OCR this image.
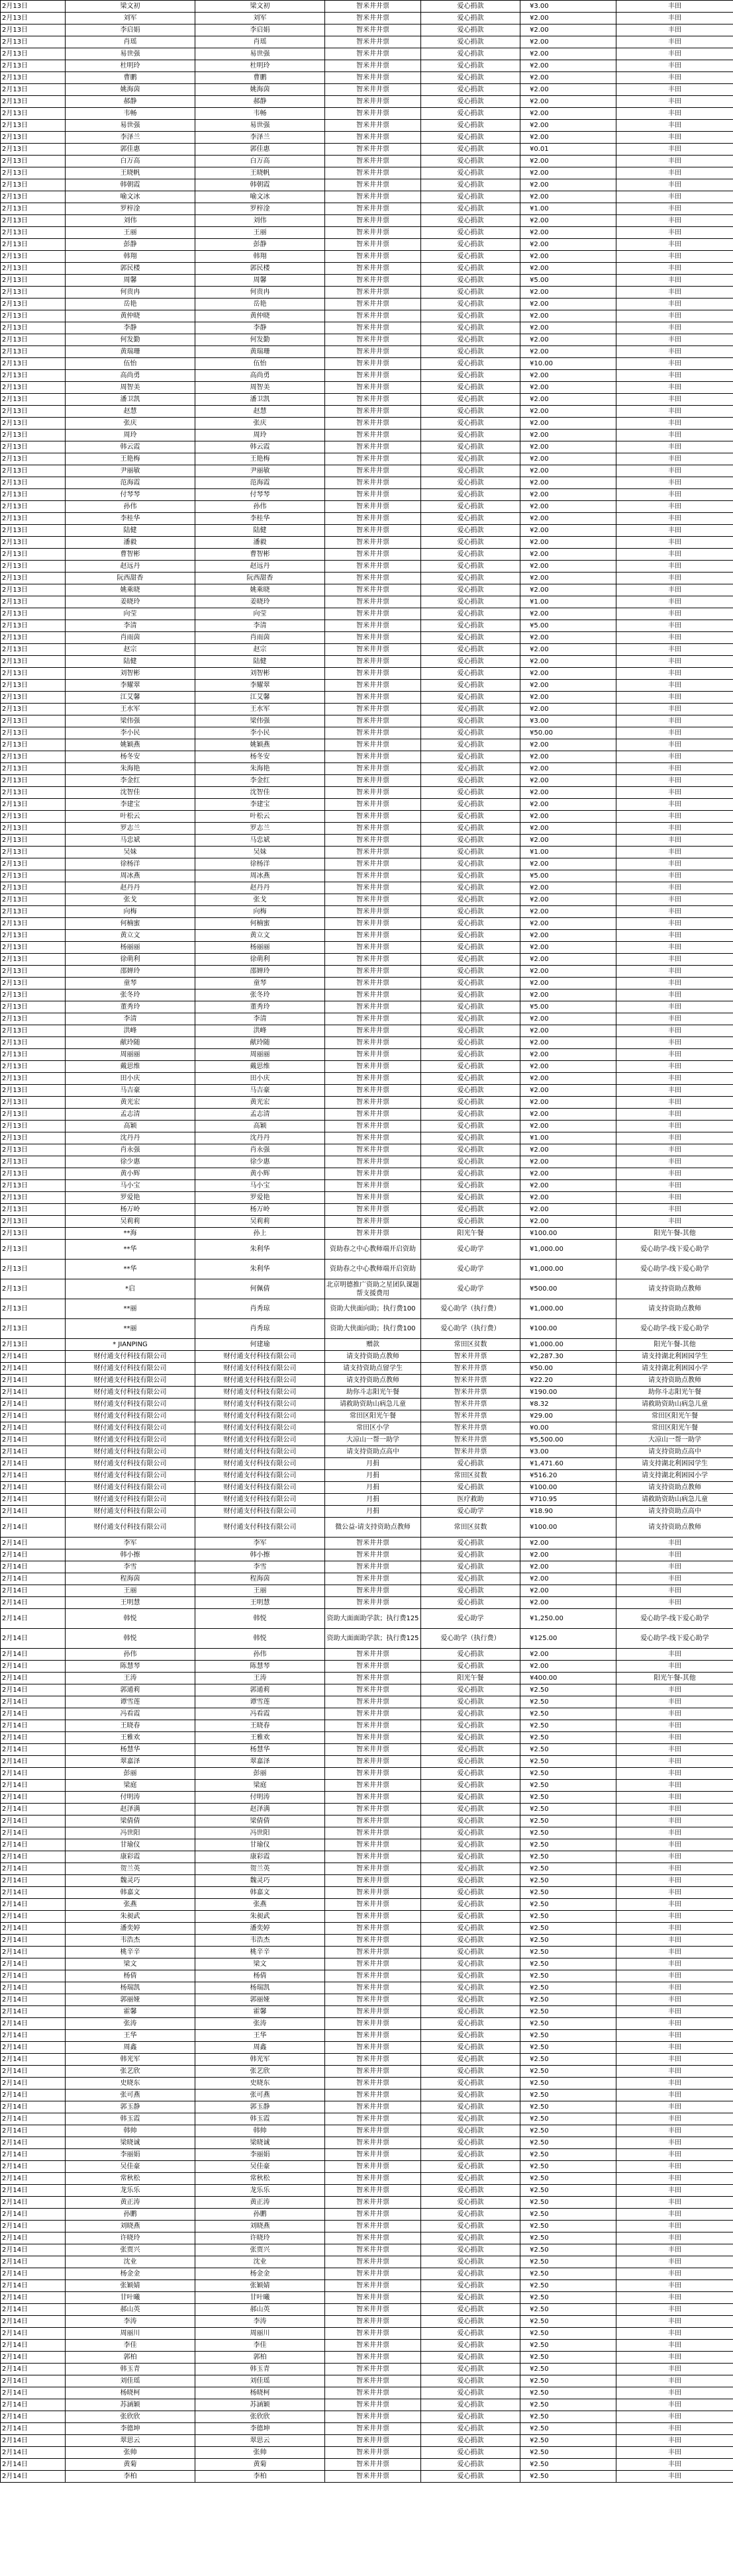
2月13日	梁文初	梁文初	智米井井票	爱心捐款	¥3.00	丰田
2月13日	刘军	刘军	智米井井票	爱心捐款	¥2.00	丰田
2月13日	李启娟	李启娟	智米井井票	爱心捐款	¥2.00	丰田
2月13日	肖瑶	肖瑶	智米井井票	爱心捐款	¥2.00	丰田
2月13日	易世强	易世强	智米井井票	爱心捐款	¥2.00	丰田
2月13日	杜明玲	杜明玲	智米井井票	爱心捐款	¥2.00	丰田
2月13日	曹鹏	曹鹏	智米井井票	爱心捐款	¥2.00	丰田
2月13日	姚海茵	姚海茵	智米井井票	爱心捐款	¥2.00	丰田
2月13日	郝静	郝静	智米井井票	爱心捐款	¥2.00	丰田
2月13日	韦畅	韦畅	智米井井票	爱心捐款	¥2.00	丰田
2月13日	易世强	易世强	智米井井票	爱心捐款	¥2.00	丰田
2月13日	李泽兰	李泽兰	智米井井票	爱心捐款	¥2.00	丰田
2月13日	郭佳惠	郭佳惠	智米井井票	爱心捐款	¥0.01	丰田
2月13日	白万高	白万高	智米井井票	爱心捐款	¥2.00	丰田
2月13日	王晓帆	王晓帆	智米井井票	爱心捐款	¥2.00	丰田
2月13日	韩朝霞	韩朝霞	智米井井票	爱心捐款	¥2.00	丰田
2月13日	喻文冰	喻文冰	智米井井票	爱心捐款	¥2.00	丰田
2月13日	罗梓淦	罗梓淦	智米井井票	爱心捐款	¥1.00	丰田
2月13日	刘伟	刘伟	智米井井票	爱心捐款	¥2.00	丰田
2月13日	王丽	王丽	智米井井票	爱心捐款	¥2.00	丰田
2月13日	彭静	彭静	智米井井票	爱心捐款	¥2.00	丰田
2月13日	韩翔	韩翔	智米井井票	爱心捐款	¥2.00	丰田
2月13日	郭民楼	郭民楼	智米井井票	爱心捐款	¥2.00	丰田
2月13日	周馨	周馨	智米井井票	爱心捐款	¥5.00	丰田
2月13日	何贵冉	何贵冉	智米井井票	爱心捐款	¥2.00	丰田
2月13日	岳艳	岳艳	智米井井票	爱心捐款	¥2.00	丰田
2月13日	黄仲晓	黄仲晓	智米井井票	爱心捐款	¥2.00	丰田
2月13日	李静	李静	智米井井票	爱心捐款	¥2.00	丰田
2月13日	何发勤	何发勤	智米井井票	爱心捐款	¥2.00	丰田
2月13日	黄瑞珊	黄瑞珊	智米井井票	爱心捐款	¥2.00	丰田
2月13日	伍怡	伍怡	智米井井票	爱心捐款	¥10.00	丰田
2月13日	高尚勇	高尚勇	智米井井票	爱心捐款	¥2.00	丰田
2月13日	周智美	周智美	智米井井票	爱心捐款	¥2.00	丰田
2月13日	潘卫凯	潘卫凯	智米井井票	爱心捐款	¥2.00	丰田
2月13日	赵慧	赵慧	智米井井票	爱心捐款	¥2.00	丰田
2月13日	张庆	张庆	智米井井票	爱心捐款	¥2.00	丰田
2月13日	周玲	周玲	智米井井票	爱心捐款	¥2.00	丰田
2月13日	韩云霞	韩云霞	智米井井票	爱心捐款	¥2.00	丰田
2月13日	王艳梅	王艳梅	智米井井票	爱心捐款	¥2.00	丰田
2月13日	尹丽敏	尹丽敏	智米井井票	爱心捐款	¥2.00	丰田
2月13日	范海霞	范海霞	智米井井票	爱心捐款	¥2.00	丰田
2月13日	付琴琴	付琴琴	智米井井票	爱心捐款	¥2.00	丰田
2月13日	孙伟	孙伟	智米井井票	爱心捐款	¥2.00	丰田
2月13日	李桂华	李桂华	智米井井票	爱心捐款	¥2.00	丰田
2月13日	陆健	陆健	智米井井票	爱心捐款	¥2.00	丰田
2月13日	潘毅	潘毅	智米井井票	爱心捐款	¥2.00	丰田
2月13日	曹智彬	曹智彬	智米井井票	爱心捐款	¥2.00	丰田
2月13日	赵远丹	赵远丹	智米井井票	爱心捐款	¥2.00	丰田
2月13日	阮西甜香	阮西甜香	智米井井票	爱心捐款	¥2.00	丰田
2月13日	姚乘晓	姚乘晓	智米井井票	爱心捐款	¥2.00	丰田
2月13日	姜晓玲	姜晓玲	智米井井票	爱心捐款	¥1.00	丰田
2月13日	向莹	向莹	智米井井票	爱心捐款	¥2.00	丰田
2月13日	李清	李清	智米井井票	爱心捐款	¥5.00	丰田
2月13日	肖雨茵	肖雨茵	智米井井票	爱心捐款	¥2.00	丰田
2月13日	赵宗	赵宗	智米井井票	爱心捐款	¥2.00	丰田
2月13日	陆健	陆健	智米井井票	爱心捐款	¥2.00	丰田
2月13日	刘智彬	刘智彬	智米井井票	爱心捐款	¥2.00	丰田
2月13日	李耀翠	李耀翠	智米井井票	爱心捐款	¥2.00	丰田
2月13日	江艾馨	江艾馨	智米井井票	爱心捐款	¥2.00	丰田
2月13日	王水军	王水军	智米井井票	爱心捐款	¥2.00	丰田
2月13日	梁伟强	梁伟强	智米井井票	爱心捐款	¥3.00	丰田
2月13日	李小民	李小民	智米井井票	爱心捐款	¥50.00	丰田
2月13日	姚颖燕	姚颖燕	智米井井票	爱心捐款	¥2.00	丰田
2月13日	杨冬安	杨冬安	智米井井票	爱心捐款	¥2.00	丰田
2月13日	朱海艳	朱海艳	智米井井票	爱心捐款	¥2.00	丰田
2月13日	李金红	李金红	智米井井票	爱心捐款	¥2.00	丰田
2月13日	沈智佳	沈智佳	智米井井票	爱心捐款	¥2.00	丰田
2月13日	李建宝	李建宝	智米井井票	爱心捐款	¥2.00	丰田
2月13日	叶松云	叶松云	智米井井票	爱心捐款	¥2.00	丰田
2月13日	罗志兰	罗志兰	智米井井票	爱心捐款	¥2.00	丰田
2月13日	马忠斌	马忠斌	智米井井票	爱心捐款	¥2.00	丰田
2月13日	吴妹	吴妹	智米井井票	爱心捐款	¥1.00	丰田
2月13日	徐杨洋	徐杨洋	智米井井票	爱心捐款	¥2.00	丰田
2月13日	周冰燕	周冰燕	智米井井票	爱心捐款	¥5.00	丰田
2月13日	赵丹丹	赵丹丹	智米井井票	爱心捐款	¥2.00	丰田
2月13日	张戈	张戈	智米井井票	爱心捐款	¥2.00	丰田
2月13日	向梅	向梅	智米井井票	爱心捐款	¥2.00	丰田
2月13日	何楠蜜	何楠蜜	智米井井票	爱心捐款	¥2.00	丰田
2月13日	黄立文	黄立文	智米井井票	爱心捐款	¥2.00	丰田
2月13日	杨丽丽	杨丽丽	智米井井票	爱心捐款	¥2.00	丰田
2月13日	徐萌利	徐萌利	智米井井票	爱心捐款	¥2.00	丰田
2月13日	邵婵玲	邵婵玲	智米井井票	爱心捐款	¥2.00	丰田
2月13日	童琴	童琴	智米井井票	爱心捐款	¥2.00	丰田
2月13日	张冬玲	张冬玲	智米井井票	爱心捐款	¥2.00	丰田
2月13日	董秀玲	董秀玲	智米井井票	爱心捐款	¥5.00	丰田
2月13日	李清	李清	智米井井票	爱心捐款	¥2.00	丰田
2月13日	洪峰	洪峰	智米井井票	爱心捐款	¥2.00	丰田
2月13日	献玲随	献玲随	智米井井票	爱心捐款	¥2.00	丰田
2月13日	周丽丽	周丽丽	智米井井票	爱心捐款	¥2.00	丰田
2月13日	戴思维	戴思维	智米井井票	爱心捐款	¥2.00	丰田
2月13日	田小庆	田小庆	智米井井票	爱心捐款	¥2.00	丰田
2月13日	马吉豪	马吉豪	智米井井票	爱心捐款	¥2.00	丰田
2月13日	黄光宏	黄光宏	智米井井票	爱心捐款	¥2.00	丰田
2月13日	孟志清	孟志清	智米井井票	爱心捐款	¥2.00	丰田
2月13日	高颖	高颖	智米井井票	爱心捐款	¥2.00	丰田
2月13日	沈丹丹	沈丹丹	智米井井票	爱心捐款	¥1.00	丰田
2月13日	肖永强	肖永强	智米井井票	爱心捐款	¥2.00	丰田
2月13日	徐少惠	徐少惠	智米井井票	爱心捐款	¥2.00	丰田
2月13日	黄小辉	黄小辉	智米井井票	爱心捐款	¥2.00	丰田
2月13日	马小宝	马小宝	智米井井票	爱心捐款	¥2.00	丰田
2月13日	罗爱艳	罗爱艳	智米井井票	爱心捐款	¥2.00	丰田
2月13日	杨万岭	杨万岭	智米井井票	爱心捐款	¥2.00	丰田
2月13日	吴莉莉	吴莉莉	智米井井票	爱心捐款	¥2.00	丰田
2月13日	**海	孙上	智米井井票	阳光午餐	¥100.00	阳光午餐-其他
2月13日	**华	朱利华	资助春之中心教师端开启资助	爱心助学	¥1,000.00	爱心助学-线下爱心助学
2月13日	**华	朱利华	资助春之中心教师端开启资助	爱心助学	¥1,000.00	爱心助学-线下爱心助学
2月13日	*启	何佩倩	北京明德推广资助之星团队课题帮支援费用	爱心助学	¥500.00	请支持资助点教师
2月13日	**丽	肖秀琼	资助大侠面向助；执行费100	爱心助学（执行费）	¥1,000.00	请支持资助点教师
2月13日	**丽	肖秀琼	资助大侠面向助；执行费100	爱心助学（执行费）	¥100.00	爱心助学-线下爱心助学
2月13日	* JIANPING	何建瑜	赠款	常田区贫数	¥1,000.00	阳光午餐-其他
2月14日	财付通支付科技有限公司	财付通支付科技有限公司	请支持资助点教师	智米井井票	¥2,287.30	请支持湖北利困园学生
2月14日	财付通支付科技有限公司	财付通支付科技有限公司	请支持资助点留学生	智米井井票	¥50.00	请支持湖北利困园小学
2月14日	财付通支付科技有限公司	财付通支付科技有限公司	请支持资助点教师	智米井井票	¥22.20	请支持资助点教师
2月14日	财付通支付科技有限公司	财付通支付科技有限公司	助你斗志阳光午餐	智米井井票	¥190.00	助你斗志阳光午餐
2月14日	财付通支付科技有限公司	财付通支付科技有限公司	请救助资助山病急儿童	智米井井票	¥8.32	请救助资助山病急儿童
2月14日	财付通支付科技有限公司	财付通支付科技有限公司	常田区阳光午餐	智米井井票	¥29.00	常田区阳光午餐
2月14日	财付通支付科技有限公司	财付通支付科技有限公司	常田区小学	智米井井票	¥0.00	常田区阳光午餐
2月14日	财付通支付科技有限公司	财付通支付科技有限公司	大凉山一帮一助学	智米井井票	¥5,500.00	大凉山一帮一助学
2月14日	财付通支付科技有限公司	财付通支付科技有限公司	请支持资助点高中	智米井井票	¥3.00	请支持资助点高中
2月14日	财付通支付科技有限公司	财付通支付科技有限公司	月捐	爱心捐款	¥1,471.60	请支持湖北利困园学生
2月14日	财付通支付科技有限公司	财付通支付科技有限公司	月捐	常田区贫数	¥516.20	请支持湖北利困园小学
2月14日	财付通支付科技有限公司	财付通支付科技有限公司	月捐	爱心捐款	¥100.00	请支持资助点教师
2月14日	财付通支付科技有限公司	财付通支付科技有限公司	月捐	医疗救助	¥710.95	请救助资助山病急儿童
2月14日	财付通支付科技有限公司	财付通支付科技有限公司	月捐	爱心助学	¥18.90	请支持资助点高中
2月14日	财付通支付科技有限公司	财付通支付科技有限公司	微公益-请支持资助点教师	常田区贫数	¥100.00	请支持资助点教师
2月14日	李军	李军	智米井井票	爱心捐款	¥2.00	丰田
2月14日	韩小擦	韩小擦	智米井井票	爱心捐款	¥2.00	丰田
2月14日	李雪	李雪	智米井井票	爱心捐款	¥2.00	丰田
2月14日	程海茵	程海茵	智米井井票	爱心捐款	¥2.00	丰田
2月14日	王丽	王丽	智米井井票	爱心捐款	¥2.00	丰田
2月14日	王明慧	王明慧	智米井井票	爱心捐款	¥2.00	丰田
2月14日	韩悦	韩悦	资助大面面助学款；执行费125	爱心助学	¥1,250.00	爱心助学-线下爱心助学
2月14日	韩悦	韩悦	资助大面面助学款；执行费125	爱心助学（执行费）	¥125.00	爱心助学-线下爱心助学
2月14日	孙伟	孙伟	智米井井票	爱心捐款	¥2.00	丰田
2月14日	陈慧琴	陈慧琴	智米井井票	爱心捐款	¥2.00	丰田
2月14日	王涛	王涛	智米井井票	阳光午餐	¥400.00	阳光午餐-其他
2月14日	郭通莉	郭通莉	智米井井票	爱心捐款	¥2.50	丰田
2月14日	谭雪莲	谭雪莲	智米井井票	爱心捐款	¥2.50	丰田
2月14日	冯看霞	冯看霞	智米井井票	爱心捐款	¥2.50	丰田
2月14日	王晓春	王晓春	智米井井票	爱心捐款	¥2.50	丰田
2月14日	王雅欢	王雅欢	智米井井票	爱心捐款	¥2.50	丰田
2月14日	杨慧华	杨慧华	智米井井票	爱心捐款	¥2.50	丰田
2月14日	翠嘉泽	翠嘉泽	智米井井票	爱心捐款	¥2.50	丰田
2月14日	彭丽	彭丽	智米井井票	爱心捐款	¥2.50	丰田
2月14日	梁庭	梁庭	智米井井票	爱心捐款	¥2.50	丰田
2月14日	付明涛	付明涛	智米井井票	爱心捐款	¥2.50	丰田
2月14日	赵泽满	赵泽满	智米井井票	爱心捐款	¥2.50	丰田
2月14日	梁倩倩	梁倩倩	智米井井票	爱心捐款	¥2.50	丰田
2月14日	冯世阳	冯世阳	智米井井票	爱心捐款	¥2.50	丰田
2月14日	甘瑜仪	甘瑜仪	智米井井票	爱心捐款	¥2.50	丰田
2月14日	康彩霞	康彩霞	智米井井票	爱心捐款	¥2.50	丰田
2月14日	贺兰英	贺兰英	智米井井票	爱心捐款	¥2.50	丰田
2月14日	魏灵巧	魏灵巧	智米井井票	爱心捐款	¥2.50	丰田
2月14日	韩嘉文	韩嘉文	智米井井票	爱心捐款	¥2.50	丰田
2月14日	张燕	张燕	智米井井票	爱心捐款	¥2.50	丰田
2月14日	朱昶武	朱昶武	智米井井票	爱心捐款	¥2.50	丰田
2月14日	潘奕婷	潘奕婷	智米井井票	爱心捐款	¥2.50	丰田
2月14日	韦浩杰	韦浩杰	智米井井票	爱心捐款	¥2.50	丰田
2月14日	桃辛辛	桃辛辛	智米井井票	爱心捐款	¥2.50	丰田
2月14日	梁文	梁文	智米井井票	爱心捐款	¥2.50	丰田
2月14日	杨倩	杨倩	智米井井票	爱心捐款	¥2.50	丰田
2月14日	杨瑞凯	杨瑞凯	智米井井票	爱心捐款	¥2.50	丰田
2月14日	郭丽娅	郭丽娅	智米井井票	爱心捐款	¥2.50	丰田
2月14日	霍馨	霍馨	智米井井票	爱心捐款	¥2.50	丰田
2月14日	张涛	张涛	智米井井票	爱心捐款	¥2.50	丰田
2月14日	王华	王华	智米井井票	爱心捐款	¥2.50	丰田
2月14日	周鑫	周鑫	智米井井票	爱心捐款	¥2.50	丰田
2月14日	韩光军	韩光军	智米井井票	爱心捐款	¥2.50	丰田
2月14日	张艺欣	张艺欣	智米井井票	爱心捐款	¥2.50	丰田
2月14日	史晓东	史晓东	智米井井票	爱心捐款	¥2.50	丰田
2月14日	张可燕	张可燕	智米井井票	爱心捐款	¥2.50	丰田
2月14日	郭玉静	郭玉静	智米井井票	爱心捐款	¥2.50	丰田
2月14日	韩玉霞	韩玉霞	智米井井票	爱心捐款	¥2.50	丰田
2月14日	韩帅	韩帅	智米井井票	爱心捐款	¥2.50	丰田
2月14日	梁晓诚	梁晓诚	智米井井票	爱心捐款	¥2.50	丰田
2月14日	李丽娟	李丽娟	智米井井票	爱心捐款	¥2.50	丰田
2月14日	吴佳豪	吴佳豪	智米井井票	爱心捐款	¥2.50	丰田
2月14日	常秋松	常秋松	智米井井票	爱心捐款	¥2.50	丰田
2月14日	龙乐乐	龙乐乐	智米井井票	爱心捐款	¥2.50	丰田
2月14日	黄正涛	黄正涛	智米井井票	爱心捐款	¥2.50	丰田
2月14日	孙鹏	孙鹏	智米井井票	爱心捐款	¥2.50	丰田
2月14日	刘晓燕	刘晓燕	智米井井票	爱心捐款	¥2.50	丰田
2月14日	许晓玲	许晓玲	智米井井票	爱心捐款	¥2.50	丰田
2月14日	张贾兴	张贾兴	智米井井票	爱心捐款	¥2.50	丰田
2月14日	沈业	沈业	智米井井票	爱心捐款	¥2.50	丰田
2月14日	杨金金	杨金金	智米井井票	爱心捐款	¥2.50	丰田
2月14日	张颖婧	张颖婧	智米井井票	爱心捐款	¥2.50	丰田
2月14日	甘叶曦	甘叶曦	智米井井票	爱心捐款	¥2.50	丰田
2月14日	郝山英	郝山英	智米井井票	爱心捐款	¥2.50	丰田
2月14日	李涛	李涛	智米井井票	爱心捐款	¥2.50	丰田
2月14日	周丽川	周丽川	智米井井票	爱心捐款	¥2.50	丰田
2月14日	李佳	李佳	智米井井票	爱心捐款	¥2.50	丰田
2月14日	郭柏	郭柏	智米井井票	爱心捐款	¥2.50	丰田
2月14日	韩玉青	韩玉青	智米井井票	爱心捐款	¥2.50	丰田
2月14日	刘佳瑶	刘佳瑶	智米井井票	爱心捐款	¥2.50	丰田
2月14日	杨晓柯	杨晓柯	智米井井票	爱心捐款	¥2.50	丰田
2月14日	苏涵颖	苏涵颖	智米井井票	爱心捐款	¥2.50	丰田
2月14日	张欣欣	张欣欣	智米井井票	爱心捐款	¥2.50	丰田
2月14日	李德坤	李德坤	智米井井票	爱心捐款	¥2.50	丰田
2月14日	翠思云	翠思云	智米井井票	爱心捐款	¥2.50	丰田
2月14日	张帅	张帅	智米井井票	爱心捐款	¥2.50	丰田
2月14日	黄菊	黄菊	智米井井票	爱心捐款	¥2.50	丰田
2月14日	李柏	李柏	智米井井票	爱心捐款	¥2.50	丰田
